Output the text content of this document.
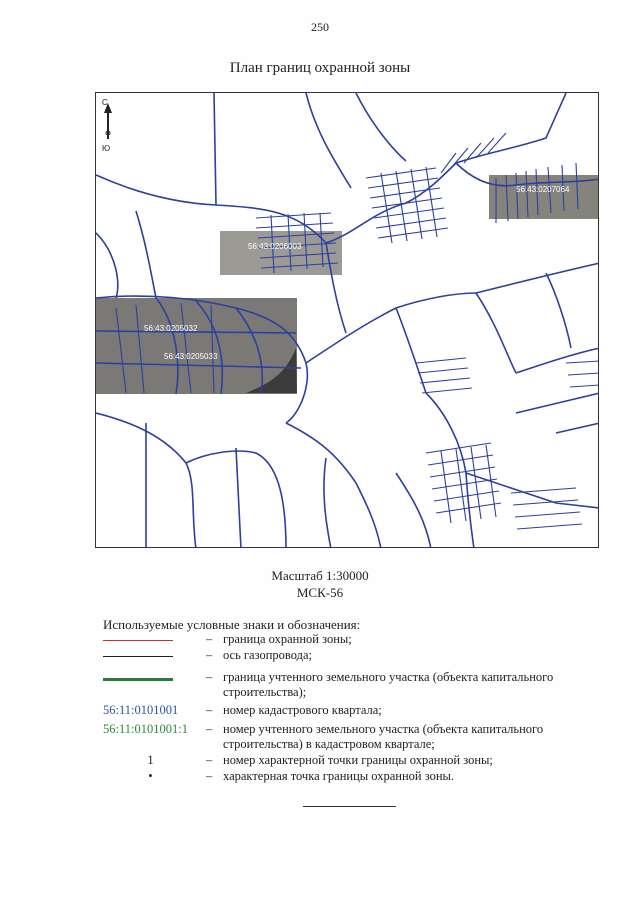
250
План границ охранной зоны
С
Ю
56:43:0207064
56:43:0206003
56:43:0205032
56:43:0205033
Масштаб 1:30000
МСК-56
Используемые условные знаки и обозначения:
– граница охранной зоны;
– ось газопровода;
– граница учтенного земельного участка (объекта капитального строительства);
56:11:0101001	– номер кадастрового квартала;
56:11:0101001:1	– номер учтенного земельного участка (объекта капитального строительства) в кадастровом квартале;
1	– номер характерной точки границы охранной зоны;
•	– характерная точка границы охранной зоны.
